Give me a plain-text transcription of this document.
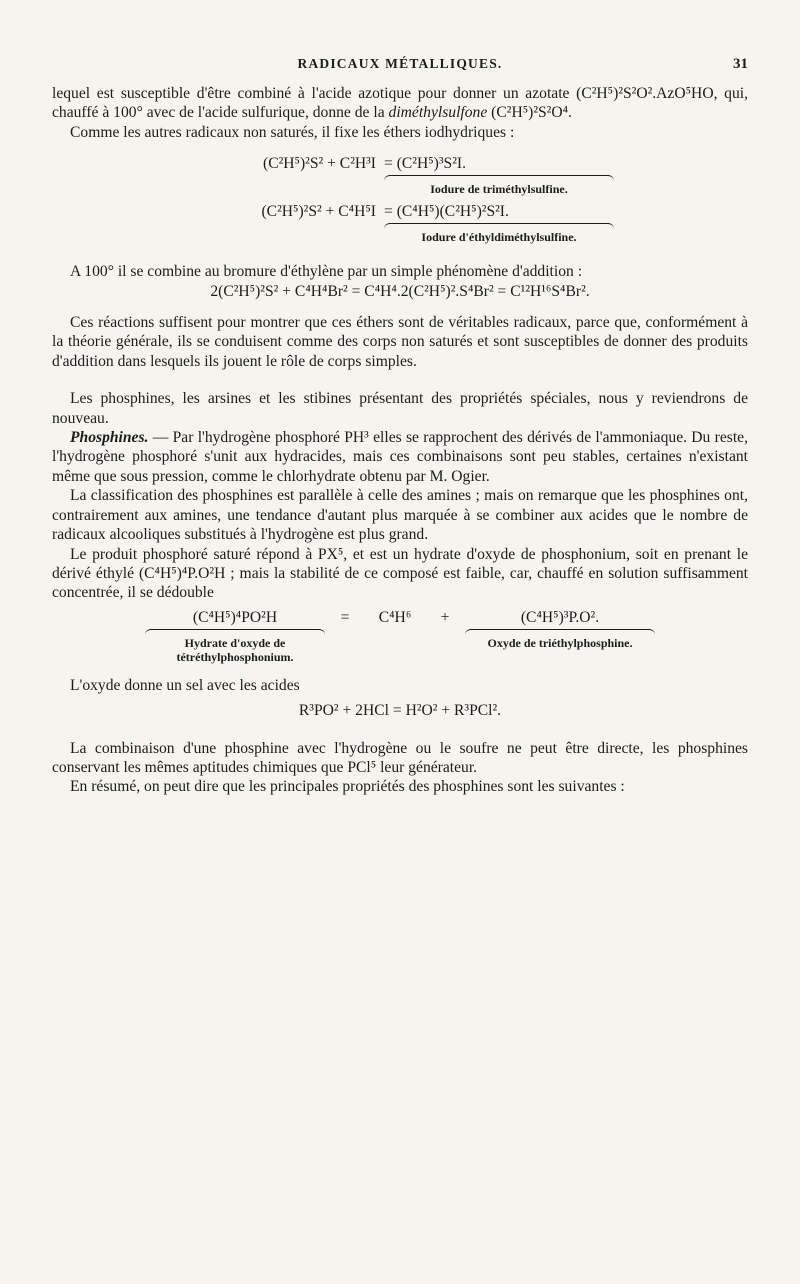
RADICAUX MÉTALLIQUES.	31

lequel est susceptible d'être combiné à l'acide azotique pour donner un azotate (C²H⁵)²S²O².AzO⁵HO, qui, chauffé à 100° avec de l'acide sulfurique, donne de la diméthylsulfone (C²H⁵)²S²O⁴.

Comme les autres radicaux non saturés, il fixe les éthers iodhydriques :

(C²H⁵)²S² + C²H³I = (C²H⁵)³S²I.
Iodure de triméthylsulfine.
(C²H⁵)²S² + C⁴H⁵I = (C⁴H⁵)(C²H⁵)²S²I.
Iodure d'éthyldiméthylsulfine.

A 100° il se combine au bromure d'éthylène par un simple phénomène d'addition :

2(C²H⁵)²S² + C⁴H⁴Br² = C⁴H⁴.2(C²H⁵)².S⁴Br² = C¹²H¹⁶S⁴Br².

Ces réactions suffisent pour montrer que ces éthers sont de véritables radicaux, parce que, conformément à la théorie générale, ils se conduisent comme des corps non saturés et sont susceptibles de donner des produits d'addition dans lesquels ils jouent le rôle de corps simples.

Les phosphines, les arsines et les stibines présentant des propriétés spéciales, nous y reviendrons de nouveau.

Phosphines. — Par l'hydrogène phosphoré PH³ elles se rapprochent des dérivés de l'ammoniaque. Du reste, l'hydrogène phosphoré s'unit aux hydracides, mais ces combinaisons sont peu stables, certaines n'existant même que sous pression, comme le chlorhydrate obtenu par M. Ogier.

La classification des phosphines est parallèle à celle des amines ; mais on remarque que les phosphines ont, contrairement aux amines, une tendance d'autant plus marquée à se combiner aux acides que le nombre de radicaux alcooliques substitués à l'hydrogène est plus grand.

Le produit phosphoré saturé répond à PX⁵, et est un hydrate d'oxyde de phosphonium, soit en prenant le dérivé éthylé (C⁴H⁵)⁴P.O²H ; mais la stabilité de ce composé est faible, car, chauffé en solution suffisamment concentrée, il se dédouble

(C⁴H⁵)⁴PO²H
Hydrate d'oxyde de
tétréthylphosphonium.
=	C⁴H⁶	+	(C⁴H⁵)³P.O².
Oxyde de triéthylphosphine.

L'oxyde donne un sel avec les acides

R³PO² + 2HCl = H²O² + R³PCl².

La combinaison d'une phosphine avec l'hydrogène ou le soufre ne peut être directe, les phosphines conservant les mêmes aptitudes chimiques que PCl⁵ leur générateur.

En résumé, on peut dire que les principales propriétés des phosphines sont les suivantes :
